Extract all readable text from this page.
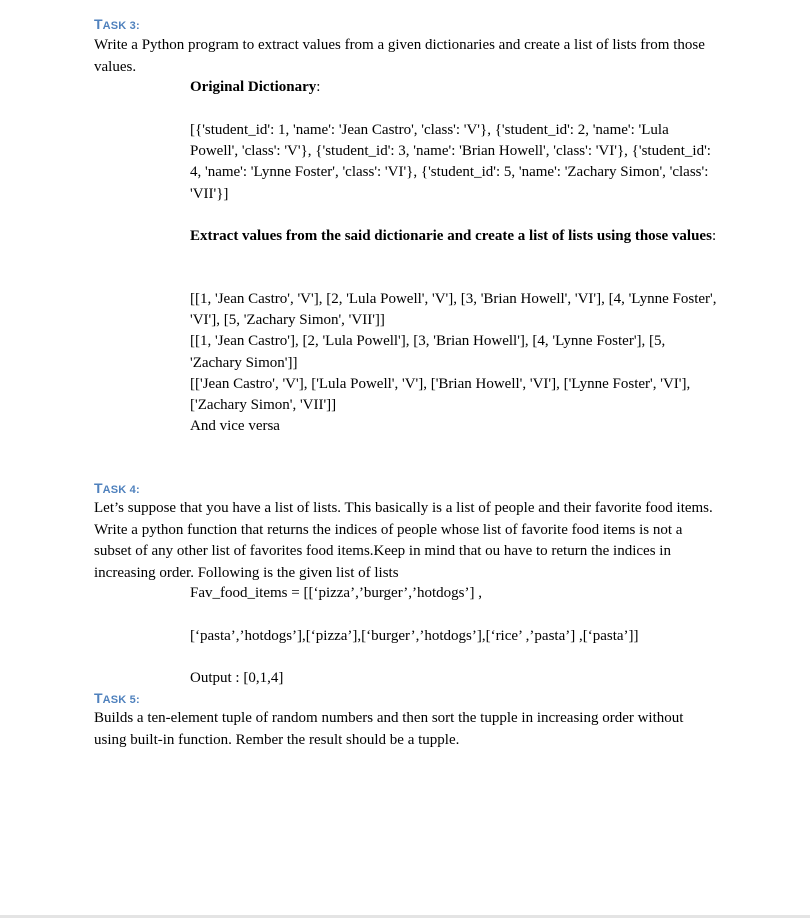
TASK 3:

Write a Python program to extract values from a given dictionaries and create a list of lists from those values.

Original Dictionary:

[{'student_id': 1, 'name': 'Jean Castro', 'class': 'V'}, {'student_id': 2, 'name': 'Lula Powell', 'class': 'V'}, {'student_id': 3, 'name': 'Brian Howell', 'class': 'VI'}, {'student_id': 4, 'name': 'Lynne Foster', 'class': 'VI'}, {'student_id': 5, 'name': 'Zachary Simon', 'class': 'VII'}]

Extract values from the said dictionarie and create a list of lists using those values:

[[1, 'Jean Castro', 'V'], [2, 'Lula Powell', 'V'], [3, 'Brian Howell', 'VI'], [4, 'Lynne Foster', 'VI'], [5, 'Zachary Simon', 'VII']]

[[1, 'Jean Castro'], [2, 'Lula Powell'], [3, 'Brian Howell'], [4, 'Lynne Foster'], [5, 'Zachary Simon']]

[['Jean Castro', 'V'], ['Lula Powell', 'V'], ['Brian Howell', 'VI'], ['Lynne Foster', 'VI'], ['Zachary Simon', 'VII']]

And vice versa

TASK 4:

Let’s suppose that you have a list of lists. This basically is a list of people and their favorite food items. Write a python function that returns the indices of people whose list of favorite food items is not a subset of any other list of favorites food items.Keep in mind that ou have to return the indices in increasing order. Following is the given list of lists

Fav_food_items = [[‘pizza’,’burger’,’hotdogs’] ,

[‘pasta’,’hotdogs’],[‘pizza’],[‘burger’,’hotdogs’],[‘rice’ ,’pasta’] ,[‘pasta’]]

Output : [0,1,4]

TASK 5:

Builds a ten-element tuple of random numbers and then sort the tupple in increasing order without using built-in function. Rember the result should be a tupple.
